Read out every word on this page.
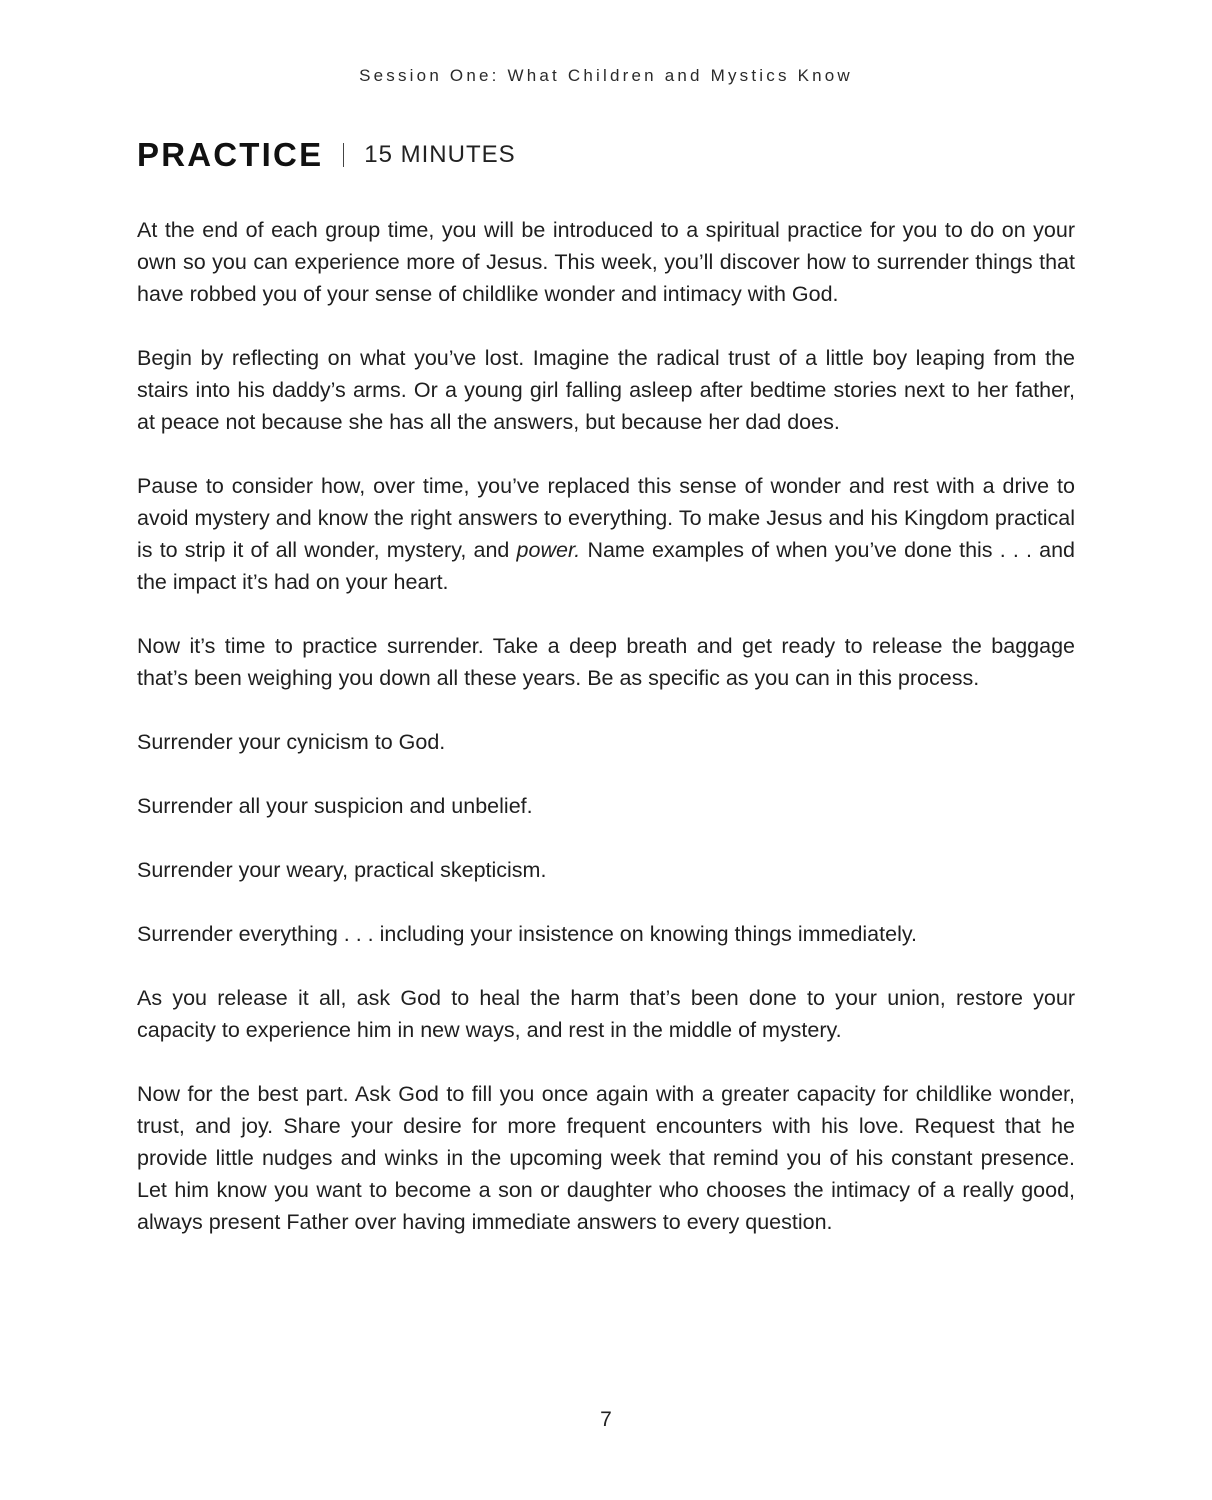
Session One: What Children and Mystics Know
PRACTICE 15 MINUTES

At the end of each group time, you will be introduced to a spiritual practice for you to do on your own so you can experience more of Jesus. This week, you’ll discover how to surrender things that have robbed you of your sense of childlike wonder and intimacy with God.

Begin by reflecting on what you’ve lost. Imagine the radical trust of a little boy leaping from the stairs into his daddy’s arms. Or a young girl falling asleep after bedtime stories next to her father, at peace not because she has all the answers, but because her dad does.

Pause to consider how, over time, you’ve replaced this sense of wonder and rest with a drive to avoid mystery and know the right answers to everything. To make Jesus and his Kingdom practical is to strip it of all wonder, mystery, and power. Name examples of when you’ve done this . . . and the impact it’s had on your heart.

Now it’s time to practice surrender. Take a deep breath and get ready to release the baggage that’s been weighing you down all these years. Be as specific as you can in this process.

Surrender your cynicism to God.

Surrender all your suspicion and unbelief.

Surrender your weary, practical skepticism.

Surrender everything . . . including your insistence on knowing things immediately.

As you release it all, ask God to heal the harm that’s been done to your union, restore your capacity to experience him in new ways, and rest in the middle of mystery.

Now for the best part. Ask God to fill you once again with a greater capacity for childlike wonder, trust, and joy. Share your desire for more frequent encounters with his love. Request that he provide little nudges and winks in the upcoming week that remind you of his constant presence. Let him know you want to become a son or daughter who chooses the intimacy of a really good, always present Father over having immediate answers to every question.

7
